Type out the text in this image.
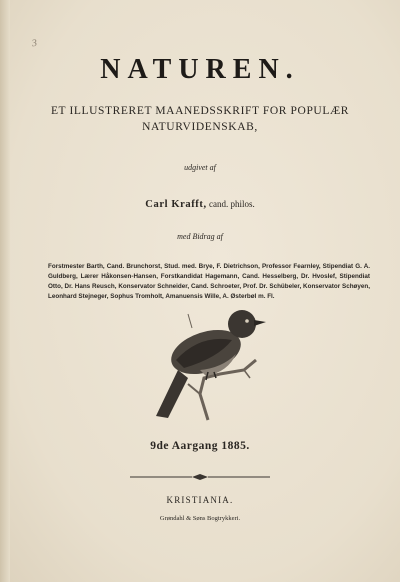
3
NATUREN.
ET ILLUSTRERET MAANEDSSKRIFT FOR POPULÆR
NATURVIDENSKAB,
udgivet af
Carl Krafft, cand. philos.
med Bidrag af
Forstmester Barth, Cand. Brunchorst, Stud. med. Brye, F. Dietrichson, Professor Fearnley, Stipendiat G. A. Guldberg, Lærer Håkonsen-Hansen, Forstkandidat Hagemann, Cand. Hesselberg, Dr. Hvoslef, Stipendiat Otto, Dr. Hans Reusch, Konservator Schneider, Cand. Schroeter, Prof. Dr. Schübeler, Konservator Schøyen, Leonhard Stejneger, Sophus Tromholt, Amanuensis Wille, A. Østerbøl m. Fl.
9de Aargang 1885.
KRISTIANIA.
Grøndahl & Søns Bogtrykkeri.
